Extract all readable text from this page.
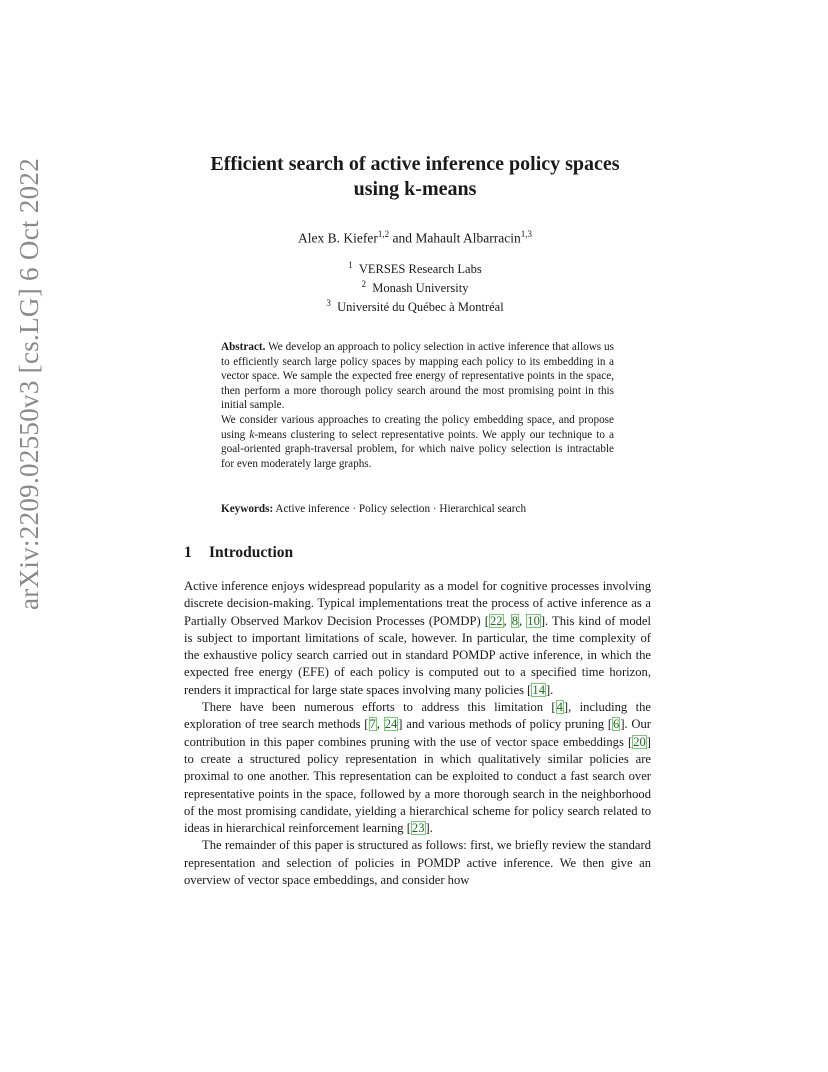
arXiv:2209.02550v3 [cs.LG] 6 Oct 2022	Efficient search of active inference policy spaces
using k-means
Alex B. Kiefer$^{1,2}$ and Mahault Albarracin$^{1,3}$
$^1$ VERSES Research Labs
$^2$ Monash University
$^3$ Université du Québec à Montréal

Abstract. We develop an approach to policy selection in active inference that allows us to efficiently search large policy spaces by mapping each policy to its embedding in a vector space. We sample the expected free energy of representative points in the space, then perform a more thorough policy search around the most promising point in this initial sample.

We consider various approaches to creating the policy embedding space, and propose using k-means clustering to select representative points. We apply our technique to a goal-oriented graph-traversal problem, for which naive policy selection is intractable for even moderately large graphs.

Keywords: Active inference · Policy selection · Hierarchical search
1 Introduction

Active inference enjoys widespread popularity as a model for cognitive processes involving discrete decision-making. Typical implementations treat the process of active inference as a Partially Observed Markov Decision Processes (POMDP) [22, 8, 10]. This kind of model is subject to important limitations of scale, however. In particular, the time complexity of the exhaustive policy search carried out in standard POMDP active inference, in which the expected free energy (EFE) of each policy is computed out to a specified time horizon, renders it impractical for large state spaces involving many policies [14].

There have been numerous efforts to address this limitation [4], including the exploration of tree search methods [7, 24] and various methods of policy pruning [6]. Our contribution in this paper combines pruning with the use of vector space embeddings [20] to create a structured policy representation in which qualitatively similar policies are proximal to one another. This representation can be exploited to conduct a fast search over representative points in the space, followed by a more thorough search in the neighborhood of the most promising candidate, yielding a hierarchical scheme for policy search related to ideas in hierarchical reinforcement learning [23].

The remainder of this paper is structured as follows: first, we briefly review the standard representation and selection of policies in POMDP active inference. We then give an overview of vector space embeddings, and consider how
